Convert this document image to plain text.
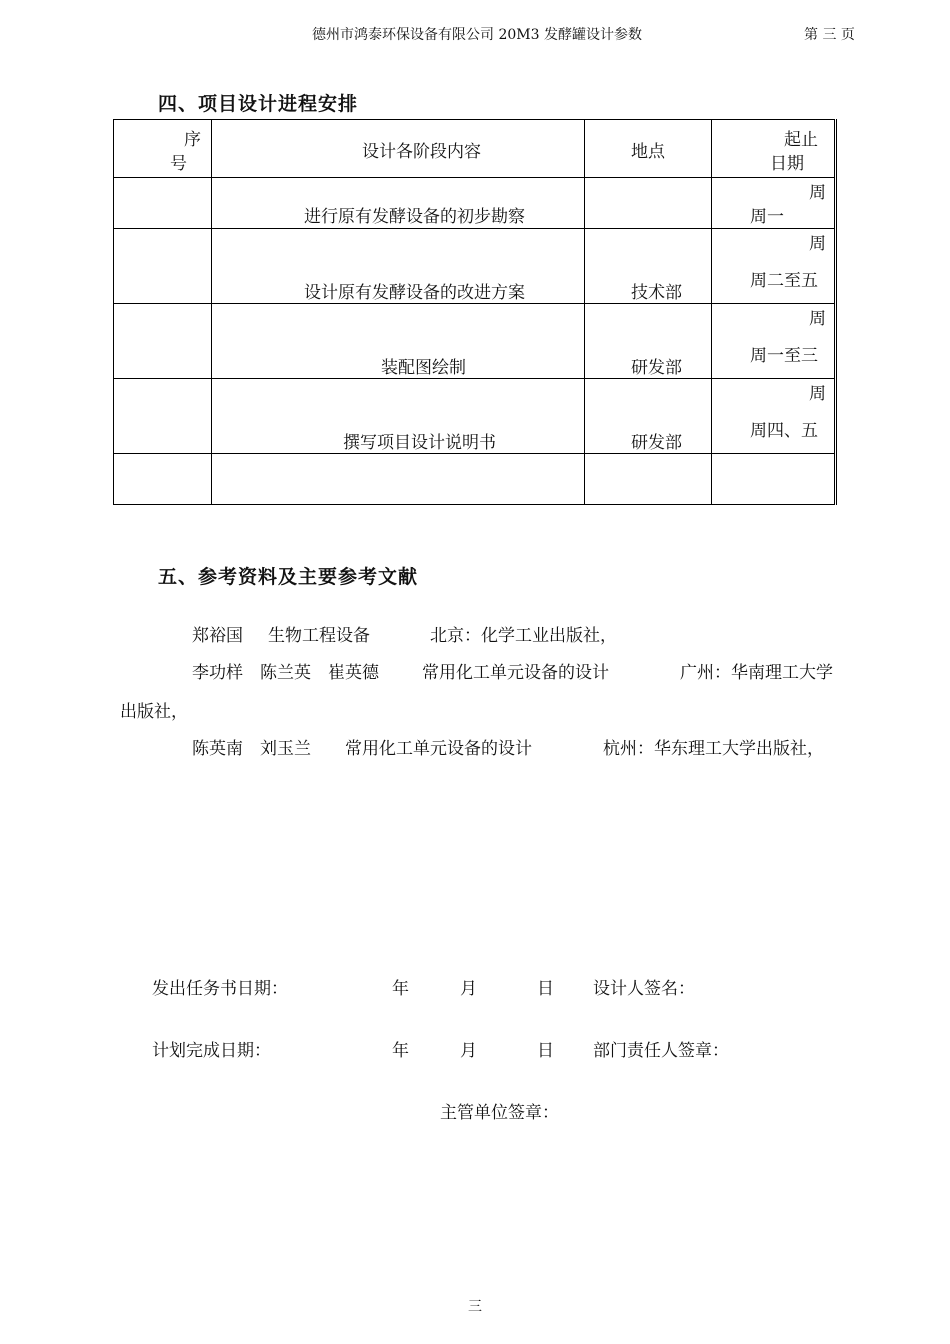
德州市鸿泰环保设备有限公司 20M3 发酵罐设计参数	第 三 页
四、项目设计进程安排
序
号	设计各阶段内容	地点	起止
日期

	进行原有发酵设备的初步勘察		周
周一

	设计原有发酵设备的改进方案	技术部	周
周二至五

	装配图绘制	研发部	周
周一至三

	撰写项目设计说明书	研发部	周
周四、五

五、参考资料及主要参考文献
郑裕国 生物工程设备	北京：化学工业出版社，
李功样　陈兰英　崔英德	常用化工单元设备的设计	广州：华南理工大学
出版社，
陈英南　刘玉兰 常用化工单元设备的设计	杭州：华东理工大学出版社，
发出任务书日期：	年	月	日 设计人签名：
计划完成日期：	年	月	日 部门责任人签章：
主管单位签章：
三
